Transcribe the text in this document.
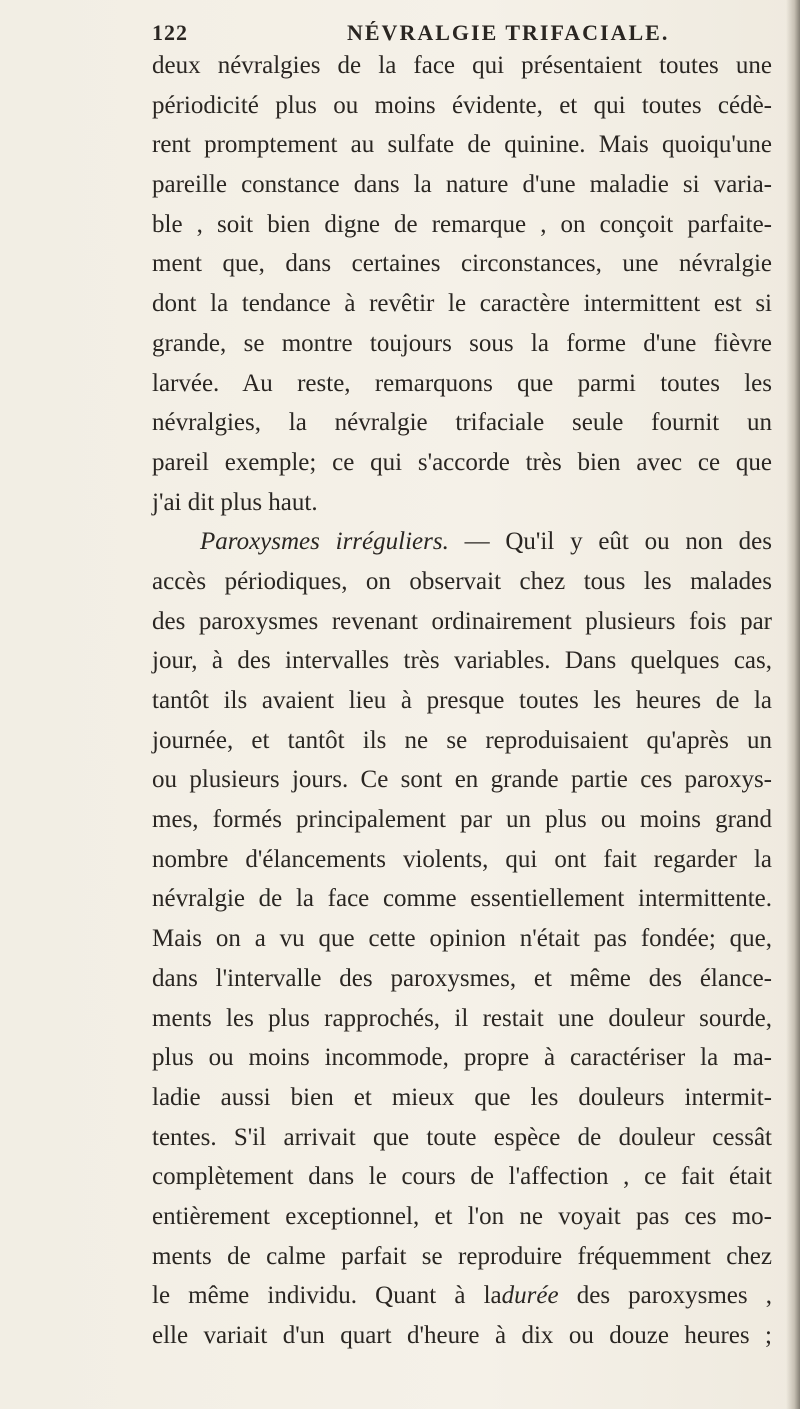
122	NÉVRALGIE TRIFACIALE.
deux névralgies de la face qui présentaient toutes une
périodicité plus ou moins évidente, et qui toutes cédè-
rent promptement au sulfate de quinine. Mais quoiqu'une
pareille constance dans la nature d'une maladie si varia-
ble , soit bien digne de remarque , on conçoit parfaite-
ment que, dans certaines circonstances, une névralgie
dont la tendance à revêtir le caractère intermittent est si
grande, se montre toujours sous la forme d'une fièvre
larvée. Au reste, remarquons que parmi toutes les
névralgies, la névralgie trifaciale seule fournit un
pareil exemple; ce qui s'accorde très bien avec ce que
j'ai dit plus haut.
Paroxysmes irréguliers. — Qu'il y eût ou non des
accès périodiques, on observait chez tous les malades
des paroxysmes revenant ordinairement plusieurs fois par
jour, à des intervalles très variables. Dans quelques cas,
tantôt ils avaient lieu à presque toutes les heures de la
journée, et tantôt ils ne se reproduisaient qu'après un
ou plusieurs jours. Ce sont en grande partie ces paroxys-
mes, formés principalement par un plus ou moins grand
nombre d'élancements violents, qui ont fait regarder la
névralgie de la face comme essentiellement intermittente.
Mais on a vu que cette opinion n'était pas fondée; que,
dans l'intervalle des paroxysmes, et même des élance-
ments les plus rapprochés, il restait une douleur sourde,
plus ou moins incommode, propre à caractériser la ma-
ladie aussi bien et mieux que les douleurs intermit-
tentes. S'il arrivait que toute espèce de douleur cessât
complètement dans le cours de l'affection , ce fait était
entièrement exceptionnel, et l'on ne voyait pas ces mo-
ments de calme parfait se reproduire fréquemment chez
le même individu. Quant à ladurée des paroxysmes ,
elle variait d'un quart d'heure à dix ou douze heures ;
